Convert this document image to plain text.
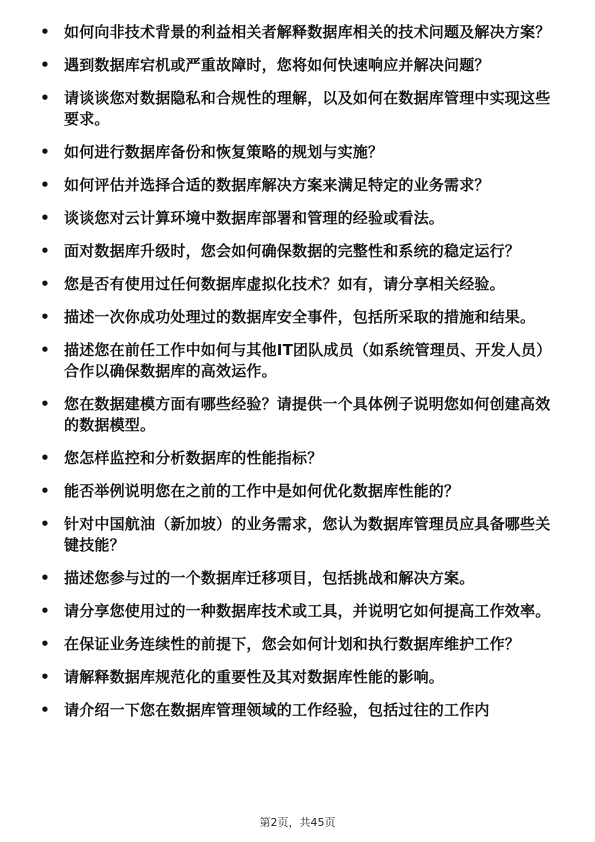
• 如何向非技术背景的利益相关者解释数据库相关的技术问题及解决方案？
• 遇到数据库宕机或严重故障时，您将如何快速响应并解决问题？
• 请谈谈您对数据隐私和合规性的理解，以及如何在数据库管理中实现这些要求。
• 如何进行数据库备份和恢复策略的规划与实施？
• 如何评估并选择合适的数据库解决方案来满足特定的业务需求？
• 谈谈您对云计算环境中数据库部署和管理的经验或看法。
• 面对数据库升级时，您会如何确保数据的完整性和系统的稳定运行？
• 您是否有使用过任何数据库虚拟化技术？如有，请分享相关经验。
• 描述一次你成功处理过的数据库安全事件，包括所采取的措施和结果。
• 描述您在前任工作中如何与其他IT团队成员（如系统管理员、开发人员）合作以确保数据库的高效运作。
• 您在数据建模方面有哪些经验？请提供一个具体例子说明您如何创建高效的数据模型。
• 您怎样监控和分析数据库的性能指标？
• 能否举例说明您在之前的工作中是如何优化数据库性能的？
• 针对中国航油（新加坡）的业务需求，您认为数据库管理员应具备哪些关键技能？
• 描述您参与过的一个数据库迁移项目，包括挑战和解决方案。
• 请分享您使用过的一种数据库技术或工具，并说明它如何提高工作效率。
• 在保证业务连续性的前提下，您会如何计划和执行数据库维护工作？
• 请解释数据库规范化的重要性及其对数据库性能的影响。
• 请介绍一下您在数据库管理领域的工作经验，包括过往的工作内
第2页，共45页
